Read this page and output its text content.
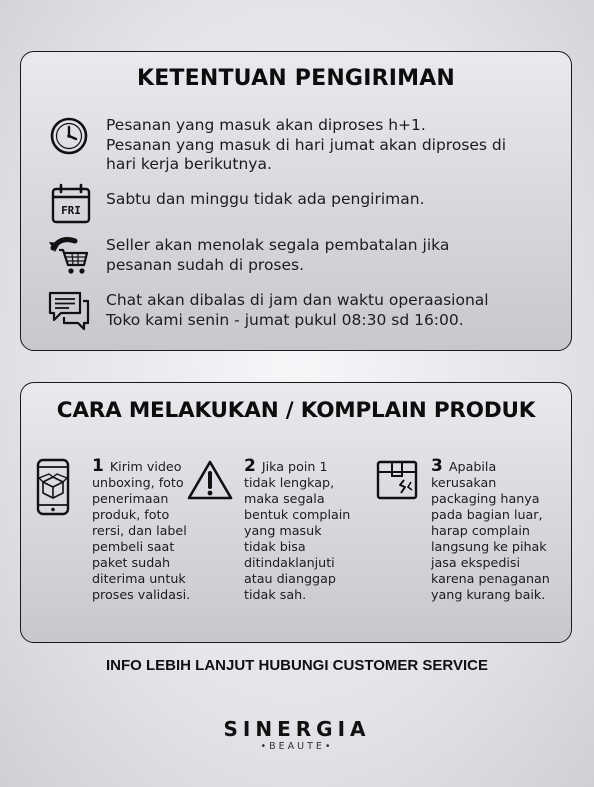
KETENTUAN PENGIRIMAN
Pesanan yang masuk akan diproses h+1.
Pesanan yang masuk di hari jumat akan diproses di
hari kerja berikutnya.
FRI
Sabtu dan minggu tidak ada pengiriman.
Seller akan menolak segala pembatalan jika
pesanan sudah di proses.
Chat akan dibalas di jam dan waktu operaasional
Toko kami senin - jumat pukul 08:30 sd 16:00.
CARA MELAKUKAN / KOMPLAIN PRODUK
1 Kirim video
unboxing, foto
penerimaan
produk, foto
rersi, dan label
pembeli saat
paket sudah
diterima untuk
proses validasi.
2 Jika poin 1
tidak lengkap,
maka segala
bentuk complain
yang masuk
tidak bisa
ditindaklanjuti
atau dianggap
tidak sah.
3 Apabila
kerusakan
packaging hanya
pada bagian luar,
harap complain
langsung ke pihak
jasa ekspedisi
karena penaganan
yang kurang baik.
INFO LEBIH LANJUT HUBUNGI CUSTOMER SERVICE
SINERGIA
•BEAUTE•
